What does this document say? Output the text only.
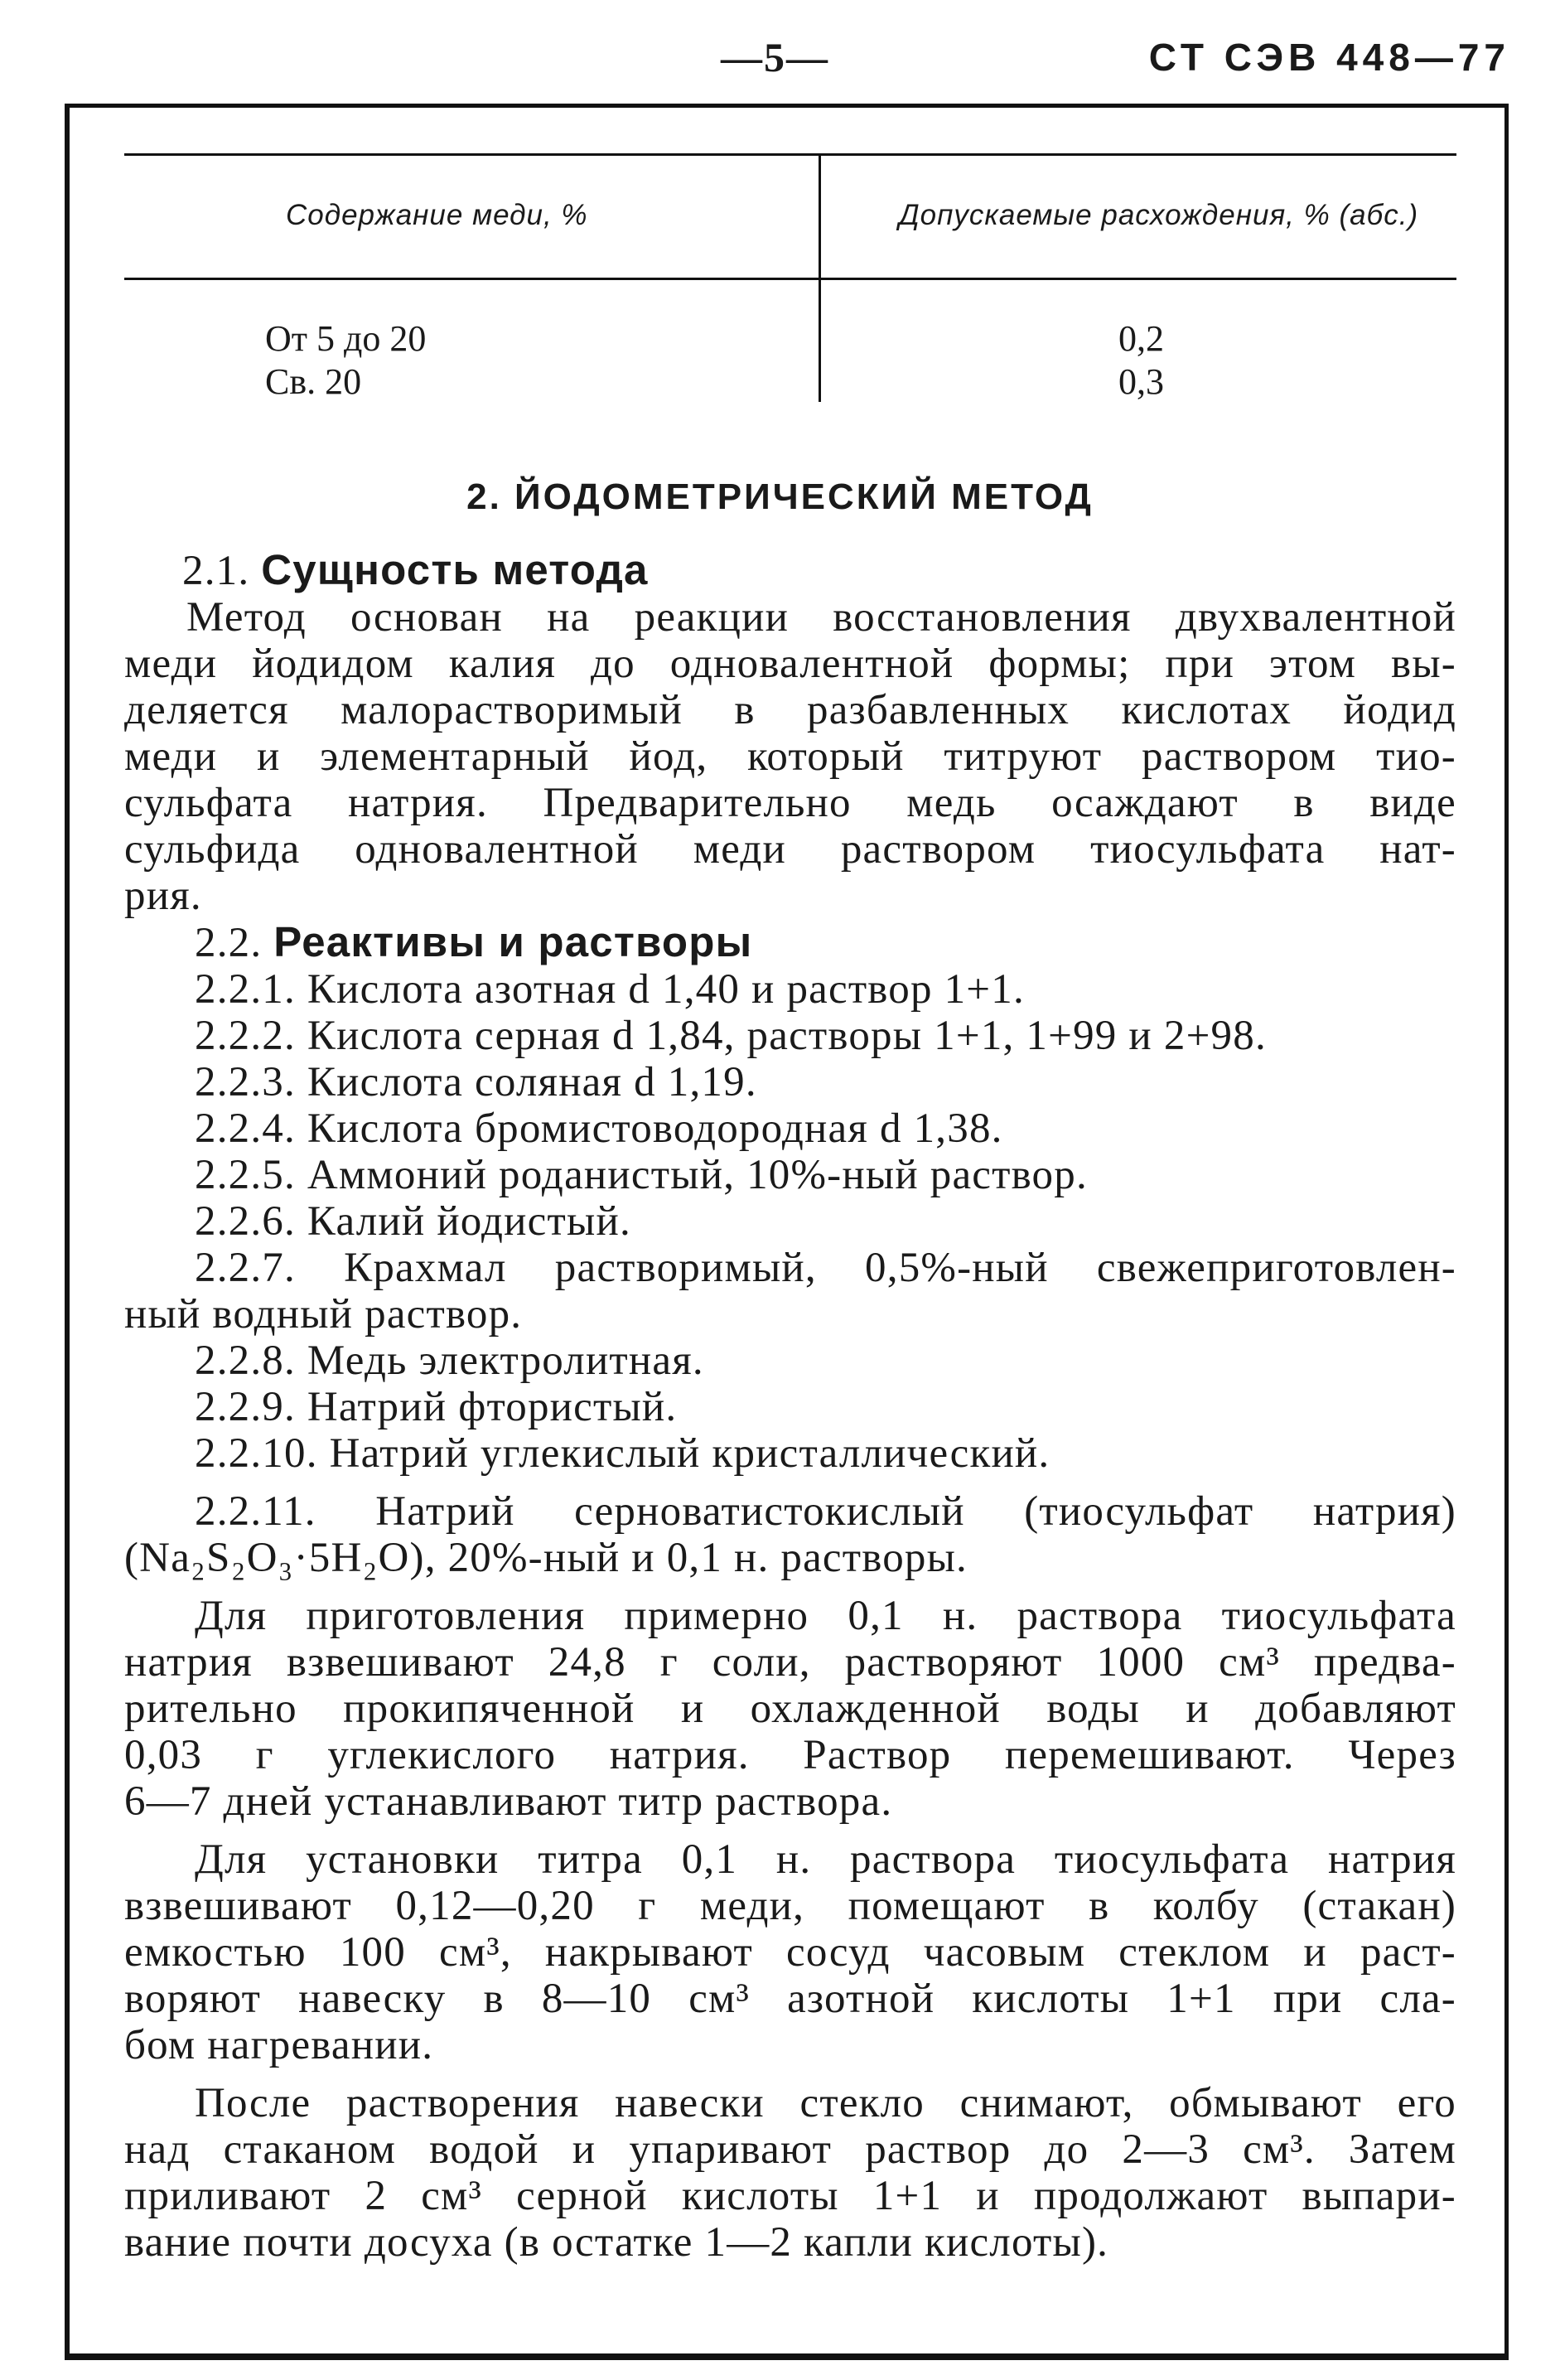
—5—	СТ СЭВ 448—77
Содержание меди, %	Допускаемые расхождения, % (абс.)
От 5 до 20
Св. 20
0,2
0,3
2. ЙОДОМЕТРИЧЕСКИЙ МЕТОД
2.1. Сущность метода
Метод основан на реакции восстановления двухвалентной
меди йодидом калия до одновалентной формы; при этом вы-
деляется малорастворимый в разбавленных кислотах йодид
меди и элементарный йод, который титруют раствором тио-
сульфата натрия. Предварительно медь осаждают в виде
сульфида одновалентной меди раствором тиосульфата нат-
рия.
2.2. Реактивы и растворы
2.2.1. Кислота азотная d 1,40 и раствор 1+1.
2.2.2. Кислота серная d 1,84, растворы 1+1, 1+99 и 2+98.
2.2.3. Кислота соляная d 1,19.
2.2.4. Кислота бромистоводородная d 1,38.
2.2.5. Аммоний роданистый, 10%-ный раствор.
2.2.6. Калий йодистый.
2.2.7. Крахмал растворимый, 0,5%-ный свежеприготовлен-
ный водный раствор.
2.2.8. Медь электролитная.
2.2.9. Натрий фтористый.
2.2.10. Натрий углекислый кристаллический.
2.2.11. Натрий серноватистокислый (тиосульфат натрия)
(Na₂S₂O₃·5H₂O), 20%-ный и 0,1 н. растворы.
Для приготовления примерно 0,1 н. раствора тиосульфата
натрия взвешивают 24,8 г соли, растворяют 1000 см³ предва-
рительно прокипяченной и охлажденной воды и добавляют
0,03 г углекислого натрия. Раствор перемешивают. Через
6—7 дней устанавливают титр раствора.
Для установки титра 0,1 н. раствора тиосульфата натрия
взвешивают 0,12—0,20 г меди, помещают в колбу (стакан)
емкостью 100 см³, накрывают сосуд часовым стеклом и раст-
воряют навеску в 8—10 см³ азотной кислоты 1+1 при сла-
бом нагревании.
После растворения навески стекло снимают, обмывают его
над стаканом водой и упаривают раствор до 2—3 см³. Затем
приливают 2 см³ серной кислоты 1+1 и продолжают выпари-
вание почти досуха (в остатке 1—2 капли кислоты).
